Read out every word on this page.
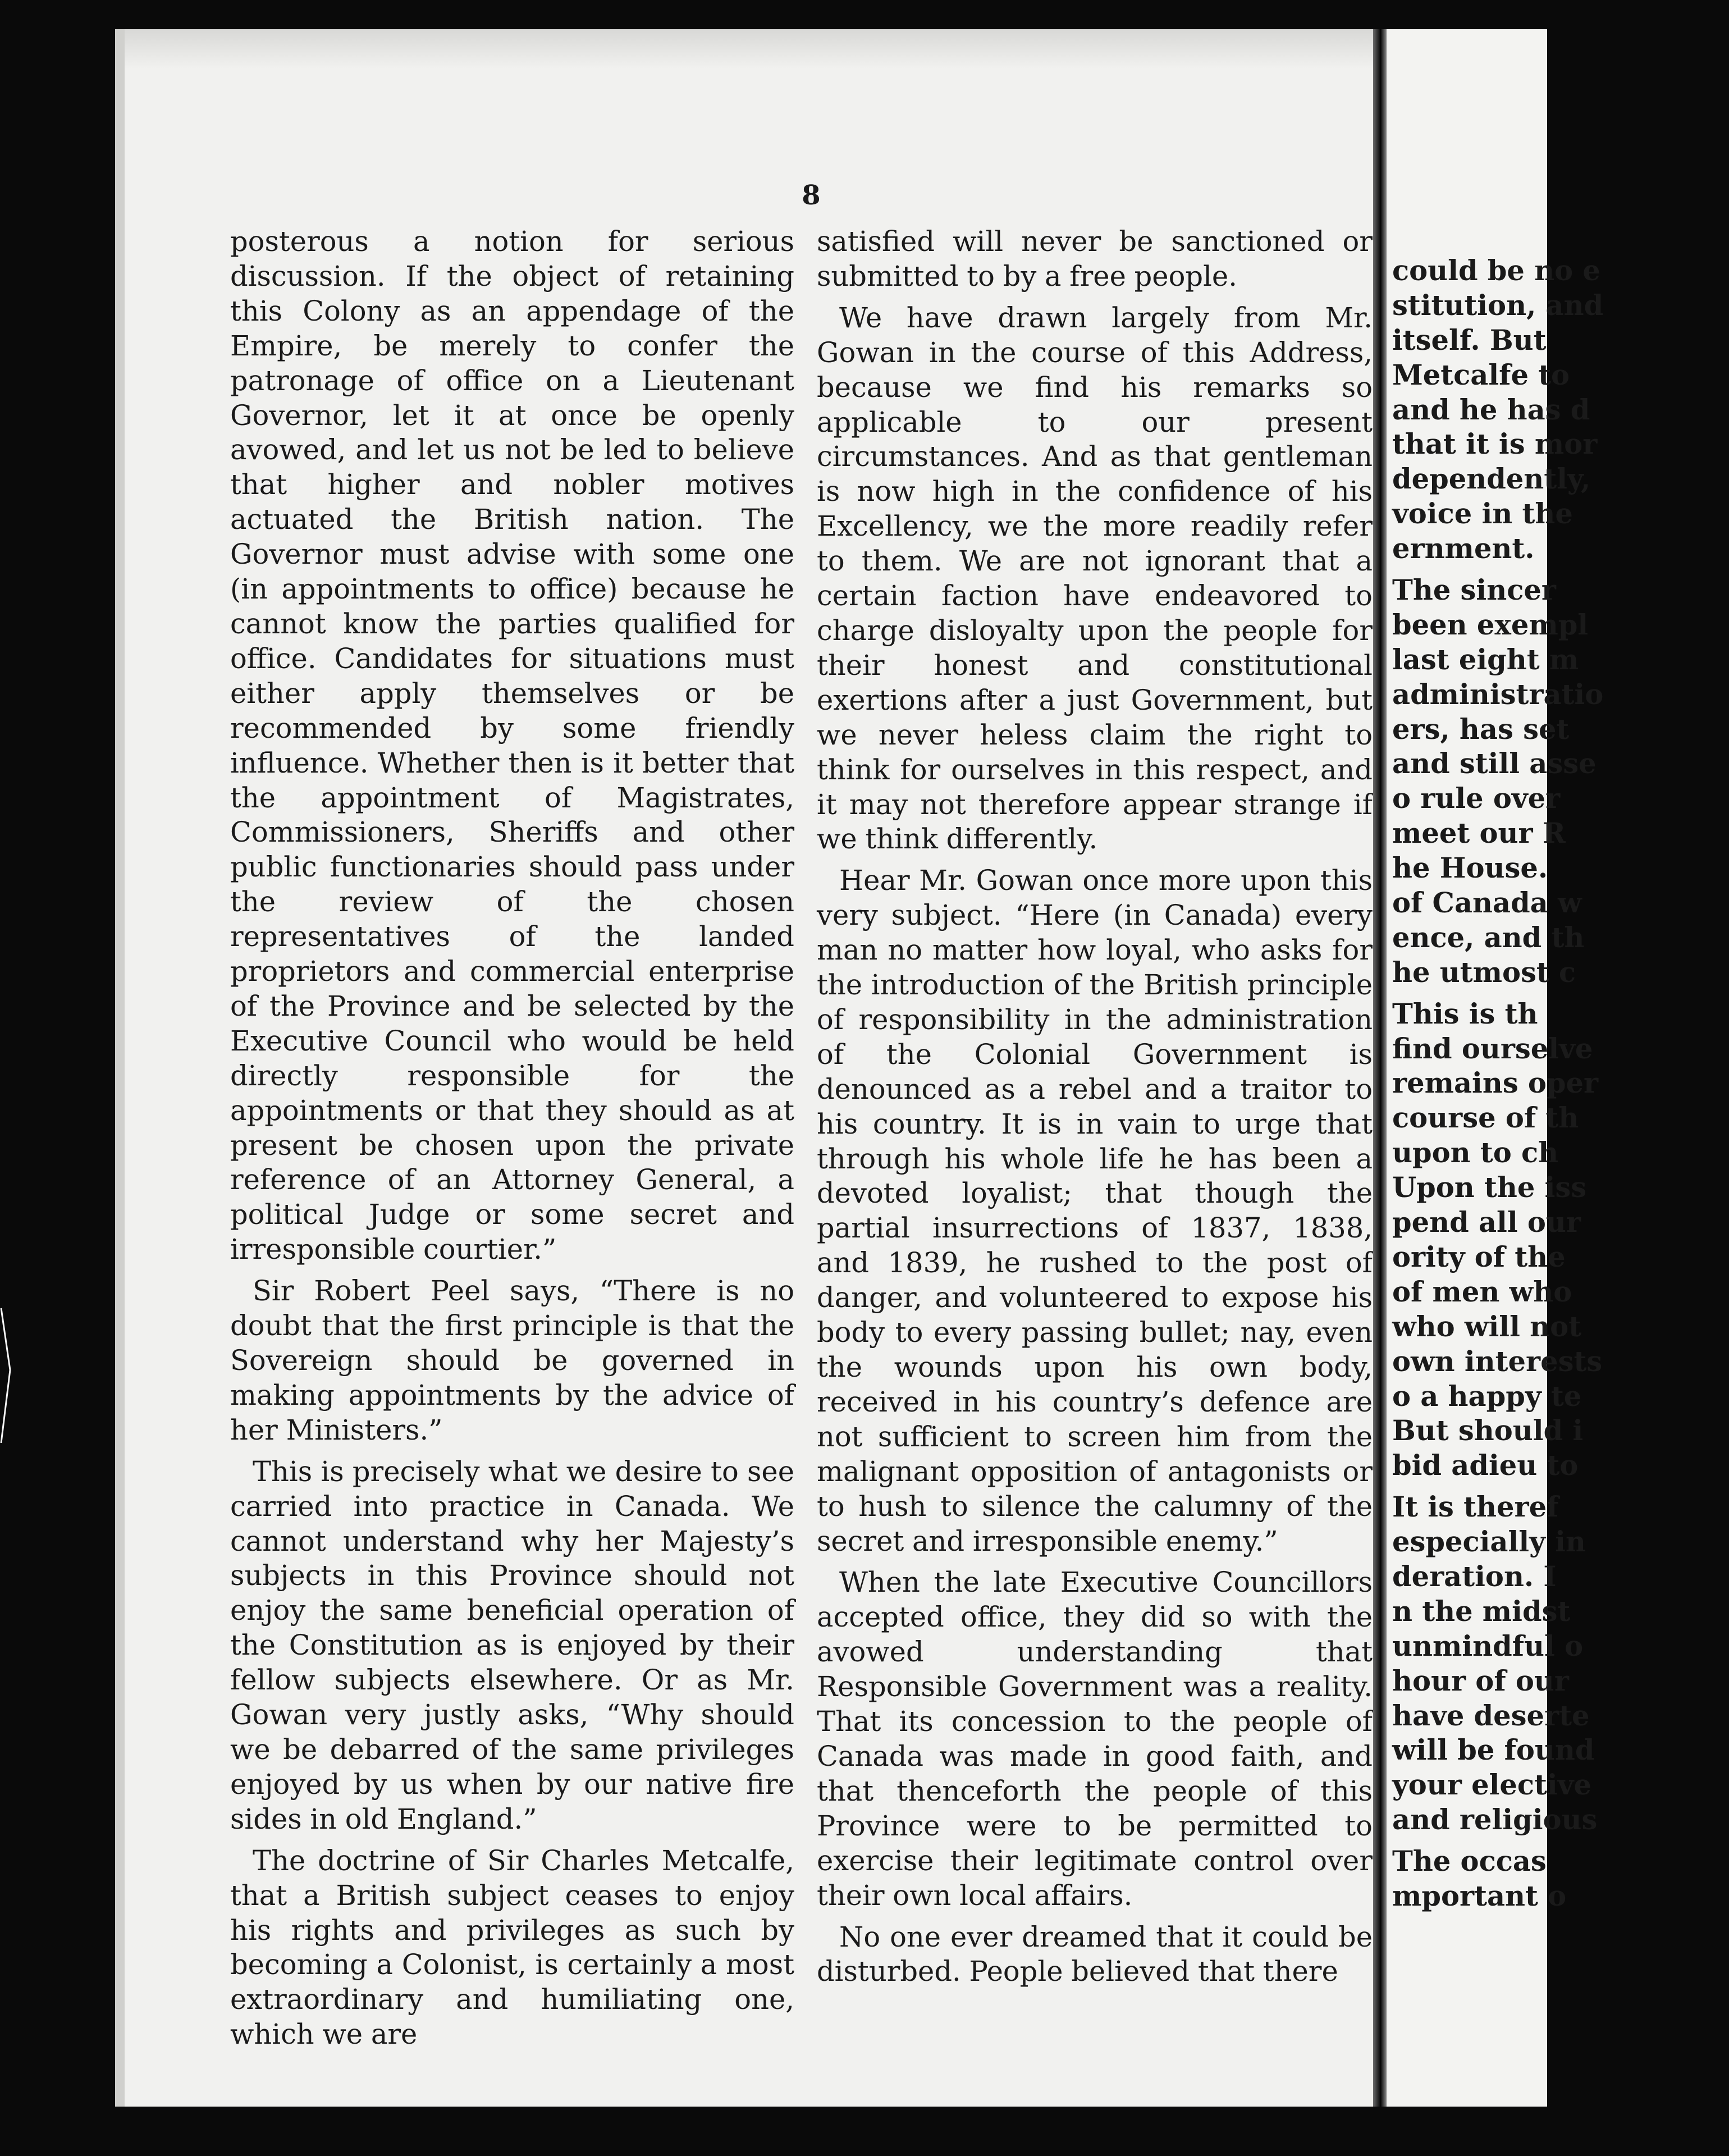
8

posterous a notion for serious discussion. If the object of retaining this Colony as an appendage of the Empire, be merely to confer the patronage of office on a Lieutenant Governor, let it at once be openly avowed, and let us not be led to believe that higher and nobler motives actuated the British nation. The Governor must advise with some one (in appointments to office) because he cannot know the parties qualified for office. Candidates for situations must either apply themselves or be recommended by some friendly influence. Whether then is it better that the appointment of Magistrates, Commissioners, Sheriffs and other public functionaries should pass under the review of the chosen representatives of the landed proprietors and commercial enterprise of the Province and be selected by the Executive Council who would be held directly responsible for the appointments or that they should as at present be chosen upon the private reference of an Attorney General, a political Judge or some secret and irresponsible courtier.”

Sir Robert Peel says, “There is no doubt that the first principle is that the Sovereign should be governed in making appointments by the advice of her Ministers.”

This is precisely what we desire to see carried into practice in Canada. We cannot understand why her Majesty’s subjects in this Province should not enjoy the same beneficial operation of the Constitution as is enjoyed by their fellow subjects elsewhere. Or as Mr. Gowan very justly asks, “Why should we be debarred of the same privileges enjoyed by us when by our native fire sides in old England.”

The doctrine of Sir Charles Metcalfe, that a British subject ceases to enjoy his rights and privileges as such by becoming a Colonist, is certainly a most extraordinary and humiliating one, which we are

satisfied will never be sanctioned or submitted to by a free people.

We have drawn largely from Mr. Gowan in the course of this Address, because we find his remarks so applicable to our present circumstances. And as that gentleman is now high in the confidence of his Excellency, we the more readily refer to them. We are not ignorant that a certain faction have endeavored to charge disloyalty upon the people for their honest and constitutional exertions after a just Government, but we never heless claim the right to think for ourselves in this respect, and it may not therefore appear strange if we think differently.

Hear Mr. Gowan once more upon this very subject. “Here (in Canada) every man no matter how loyal, who asks for the introduction of the British principle of responsibility in the administration of the Colonial Government is denounced as a rebel and a traitor to his country. It is in vain to urge that through his whole life he has been a devoted loyalist; that though the partial insurrections of 1837, 1838, and 1839, he rushed to the post of danger, and volunteered to expose his body to every passing bullet; nay, even the wounds upon his own body, received in his country’s defence are not sufficient to screen him from the malignant opposition of antagonists or to hush to silence the calumny of the secret and irresponsible enemy.”

When the late Executive Councillors accepted office, they did so with the avowed understanding that Responsible Government was a reality. That its concession to the people of Canada was made in good faith, and that thenceforth the people of this Province were to be permitted to exercise their legitimate control over their own local affairs.

No one ever dreamed that it could be disturbed. People believed that there

could be no e
stitution, and
itself. But
Metcalfe to
and he has d
that it is mor
dependently,
voice in the
ernment.
The sincer
been exempl
last eight m
administratio
ers, has set
and still asse
o rule over
meet our R
he House.
of Canada w
ence, and th
he utmost c
This is th
find ourselve
remains oper
course of th
upon to ch
Upon the iss
pend all our
ority of the
of men who
who will not
own interests
o a happy te
But should i
bid adieu to
It is theref
especially in
deration. I
n the midst
unmindful o
hour of our
have deserte
will be found
your elective
and religious
The occas
mportant o
